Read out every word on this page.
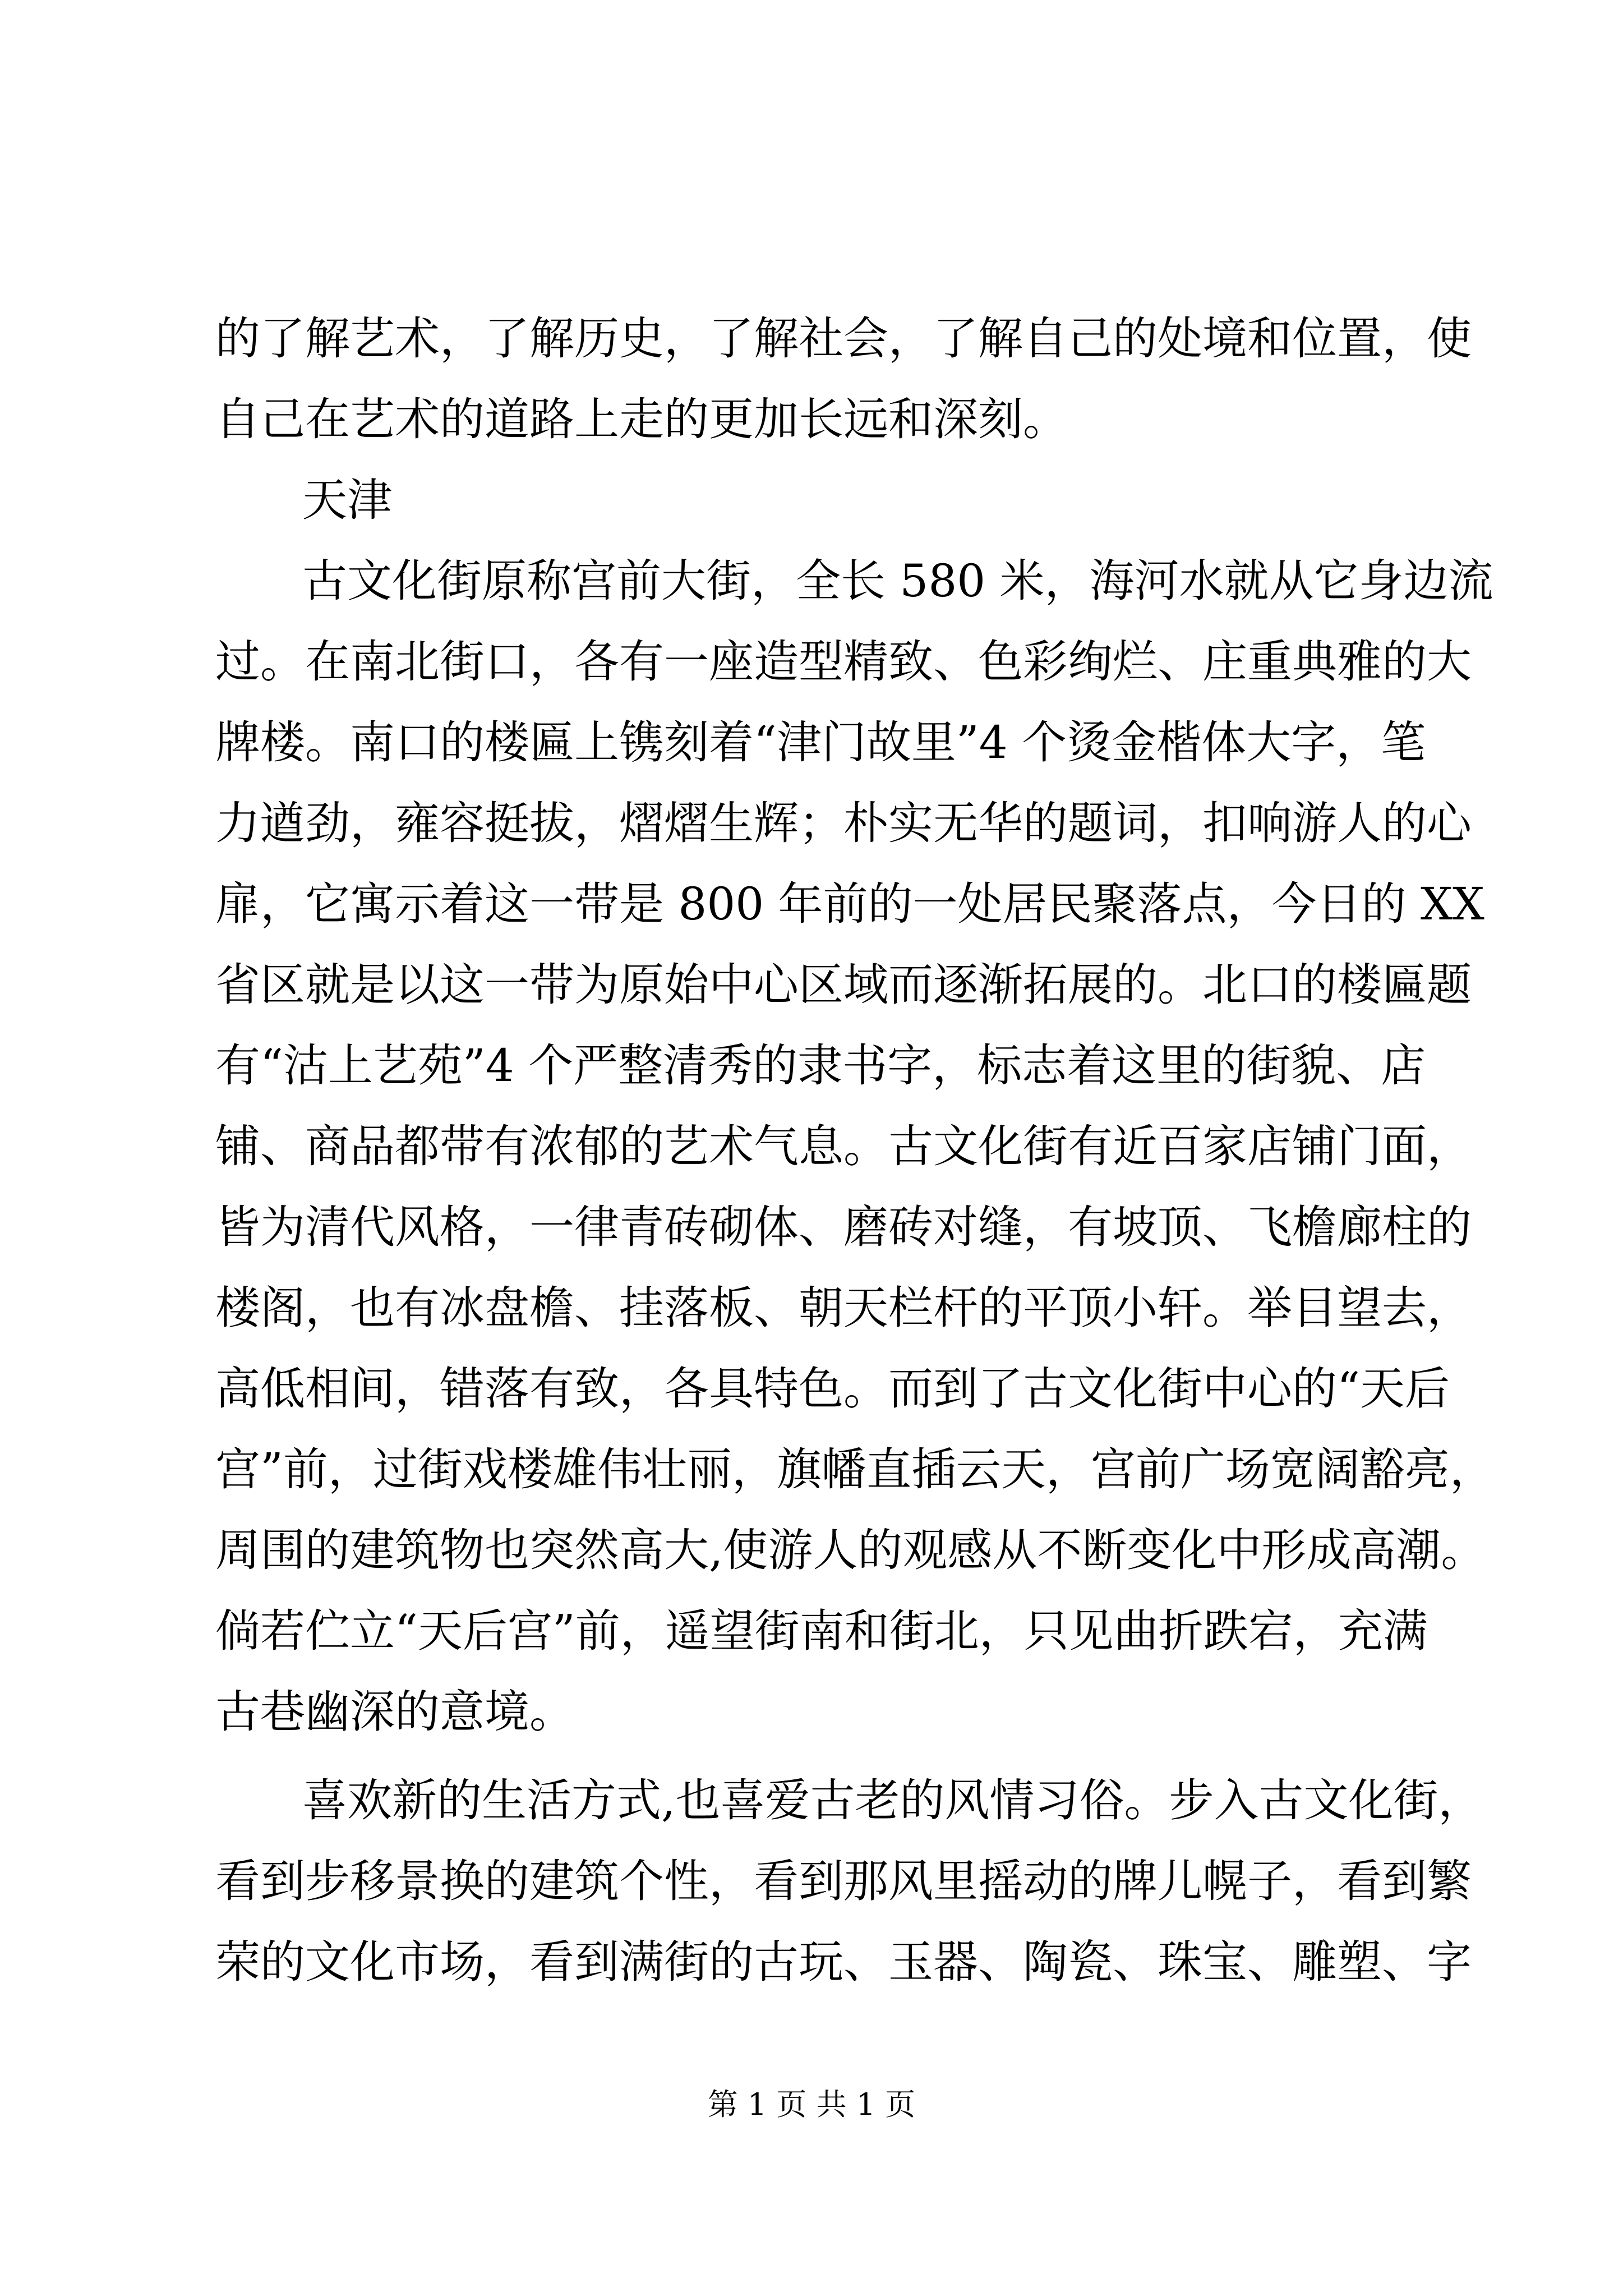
的了解艺术，了解历史，了解社会，了解自己的处境和位置，使
自己在艺术的道路上走的更加长远和深刻。
天津
古文化街原称宫前大街，全长 580 米，海河水就从它身边流
过。在南北街口，各有一座造型精致、色彩绚烂、庄重典雅的大
牌楼。南口的楼匾上镌刻着“津门故里”4 个烫金楷体大字，笔
力遒劲，雍容挺拔，熠熠生辉；朴实无华的题词，扣响游人的心
扉，它寓示着这一带是 800 年前的一处居民聚落点，今日的 XX
省区就是以这一带为原始中心区域而逐渐拓展的。北口的楼匾题
有“沽上艺苑”4 个严整清秀的隶书字，标志着这里的街貌、店
铺、商品都带有浓郁的艺术气息。古文化街有近百家店铺门面，
皆为清代风格，一律青砖砌体、磨砖对缝，有坡顶、飞檐廊柱的
楼阁，也有冰盘檐、挂落板、朝天栏杆的平顶小轩。举目望去，
高低相间，错落有致，各具特色。而到了古文化街中心的“天后
宫”前，过街戏楼雄伟壮丽，旗幡直插云天，宫前广场宽阔豁亮，
周围的建筑物也突然高大,使游人的观感从不断变化中形成高潮。
倘若伫立“天后宫”前，遥望街南和街北，只见曲折跌宕，充满
古巷幽深的意境。
喜欢新的生活方式,也喜爱古老的风情习俗。步入古文化街，
看到步移景换的建筑个性，看到那风里摇动的牌儿幌子，看到繁
荣的文化市场，看到满街的古玩、玉器、陶瓷、珠宝、雕塑、字
第 1 页 共 1 页
